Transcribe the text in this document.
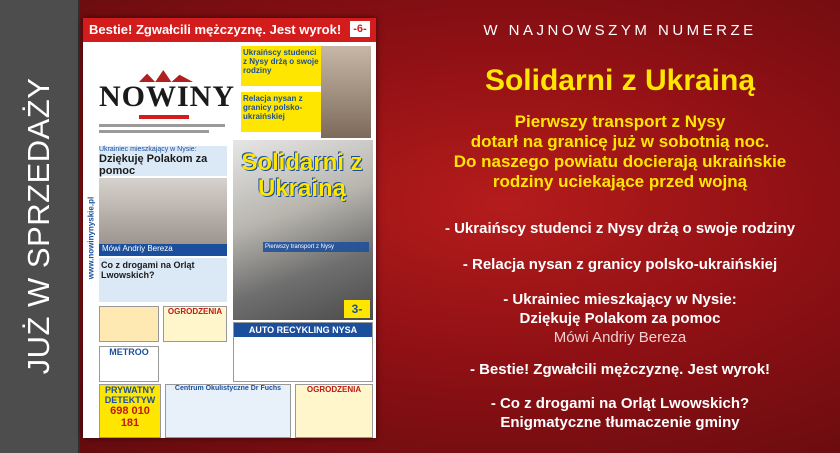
JUŻ W SPRZEDAŻY
Bestie! Zgwałcili mężczyznę. Jest wyrok! -6-
www.nowinynyskie.pl
NOWINY
Ukraińscy studenci z Nysy drżą o swoje rodziny
Relacja nysan z granicy polsko-ukraińskiej
Ukrainiec mieszkający w Nysie:
Dziękuję Polakom za pomoc
Mówi Andriy Bereza
Co z drogami na Orląt Lwowskich?
OGRODZENIA
METROO
Solidarni z Ukrainą
Pierwszy transport z Nysy
3-
AUTO RECYKLING NYSA
PRYWATNY DETEKTYW
698 010 181
Centrum Okulistyczne Dr Fuchs	OGRODZENIA
W NAJNOWSZYM NUMERZE
Solidarni z Ukrainą
Pierwszy transport z Nysy
dotarł na granicę już w sobotnią noc.
Do naszego powiatu docierają ukraińskie
rodziny uciekające przed wojną
- Ukraińscy studenci z Nysy drżą o swoje rodziny
- Relacja nysan z granicy polsko-ukraińskiej
- Ukrainiec mieszkający w Nysie:
Dziękuję Polakom za pomoc
Mówi Andriy Bereza
- Bestie! Zgwałcili mężczyznę. Jest wyrok!
- Co z drogami na Orląt Lwowskich?
Enigmatyczne tłumaczenie gminy
